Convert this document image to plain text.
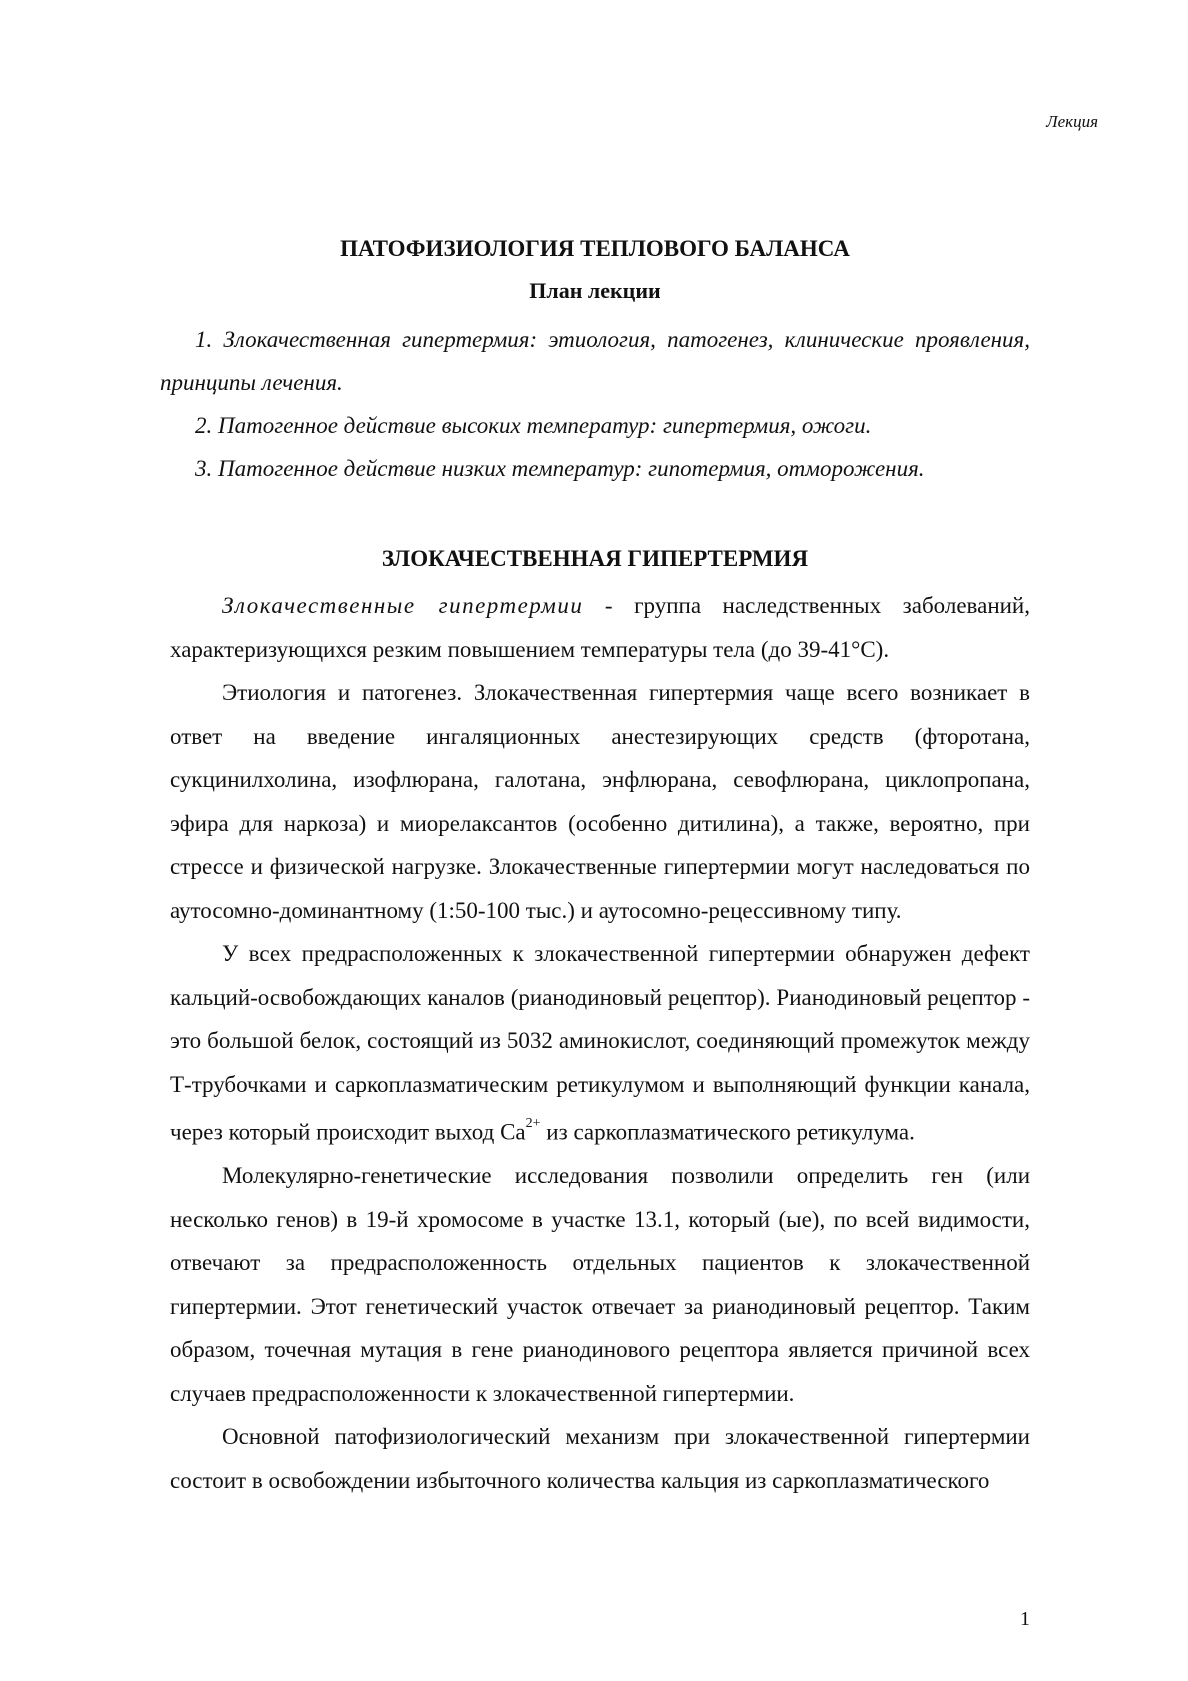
Лекция
ПАТОФИЗИОЛОГИЯ ТЕПЛОВОГО БАЛАНСА
План лекции
1. Злокачественная гипертермия: этиология, патогенез, клинические проявления, принципы лечения.
2. Патогенное действие высоких температур: гипертермия, ожоги.
3. Патогенное действие низких температур: гипотермия, отморожения.
ЗЛОКАЧЕСТВЕННАЯ ГИПЕРТЕРМИЯ

Злокачественные гипертермии - группа наследственных заболеваний, характеризующихся резким повышением температуры тела (до 39-41°С).

Этиология и патогенез. Злокачественная гипертермия чаще всего возникает в ответ на введение ингаляционных анестезирующих средств (фторотана, сукцинилхолина, изофлюрана, галотана, энфлюрана, севофлюрана, циклопропана, эфира для наркоза) и миорелаксантов (особенно дитилина), а также, вероятно, при стрессе и физической нагрузке. Злокачественные гипертермии могут наследоваться по аутосомно-доминантному (1:50-100 тыс.) и аутосомно-рецессивному типу.

У всех предрасположенных к злокачественной гипертермии обнаружен дефект кальций-освобождающих каналов (рианодиновый рецептор). Рианодиновый рецептор - это большой белок, состоящий из 5032 аминокислот, соединяющий промежуток между Т-трубочками и саркоплазматическим ретикулумом и выполняющий функции канала, через который происходит выход $Ca^{2+}$ из саркоплазматического ретикулума.

Молекулярно-генетические исследования позволили определить ген (или несколько генов) в 19-й хромосоме в участке 13.1, который (ые), по всей видимости, отвечают за предрасположенность отдельных пациентов к злокачественной гипертермии. Этот генетический участок отвечает за рианодиновый рецептор. Таким образом, точечная мутация в гене рианодинового рецептора является причиной всех случаев предрасположенности к злокачественной гипертермии.

Основной патофизиологический механизм при злокачественной гипертермии состоит в освобождении избыточного количества кальция из саркоплазматического

1
